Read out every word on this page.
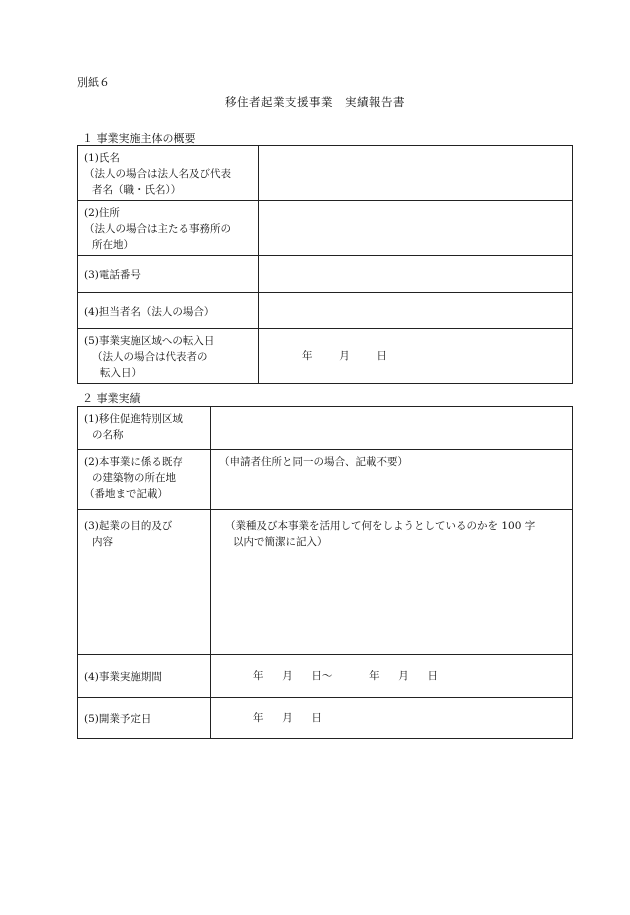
別紙６
移住者起業支援事業　実績報告書
１ 事業実施主体の概要
(1)氏名
（法人の場合は法人名及び代表
者名（職・氏名））	

(2)住所
（法人の場合は主たる事務所の
所在地）	

(3)電話番号	

(4)担当者名（法人の場合）	

(5)事業実施区域への転入日
（法人の場合は代表者の
転入日）	年 月 日
２ 事業実績
(1)移住促進特別区域
の名称	

(2)本事業に係る既存
の建築物の所在地
（番地まで記載）	（申請者住所と同一の場合、記載不要）

(3)起業の目的及び
内容	（業種及び本事業を活用して何をしようとしているのかを 100 字
以内で簡潔に記入）

(4)事業実施期間	年 月 日～ 年 月 日

(5)開業予定日	年 月 日
